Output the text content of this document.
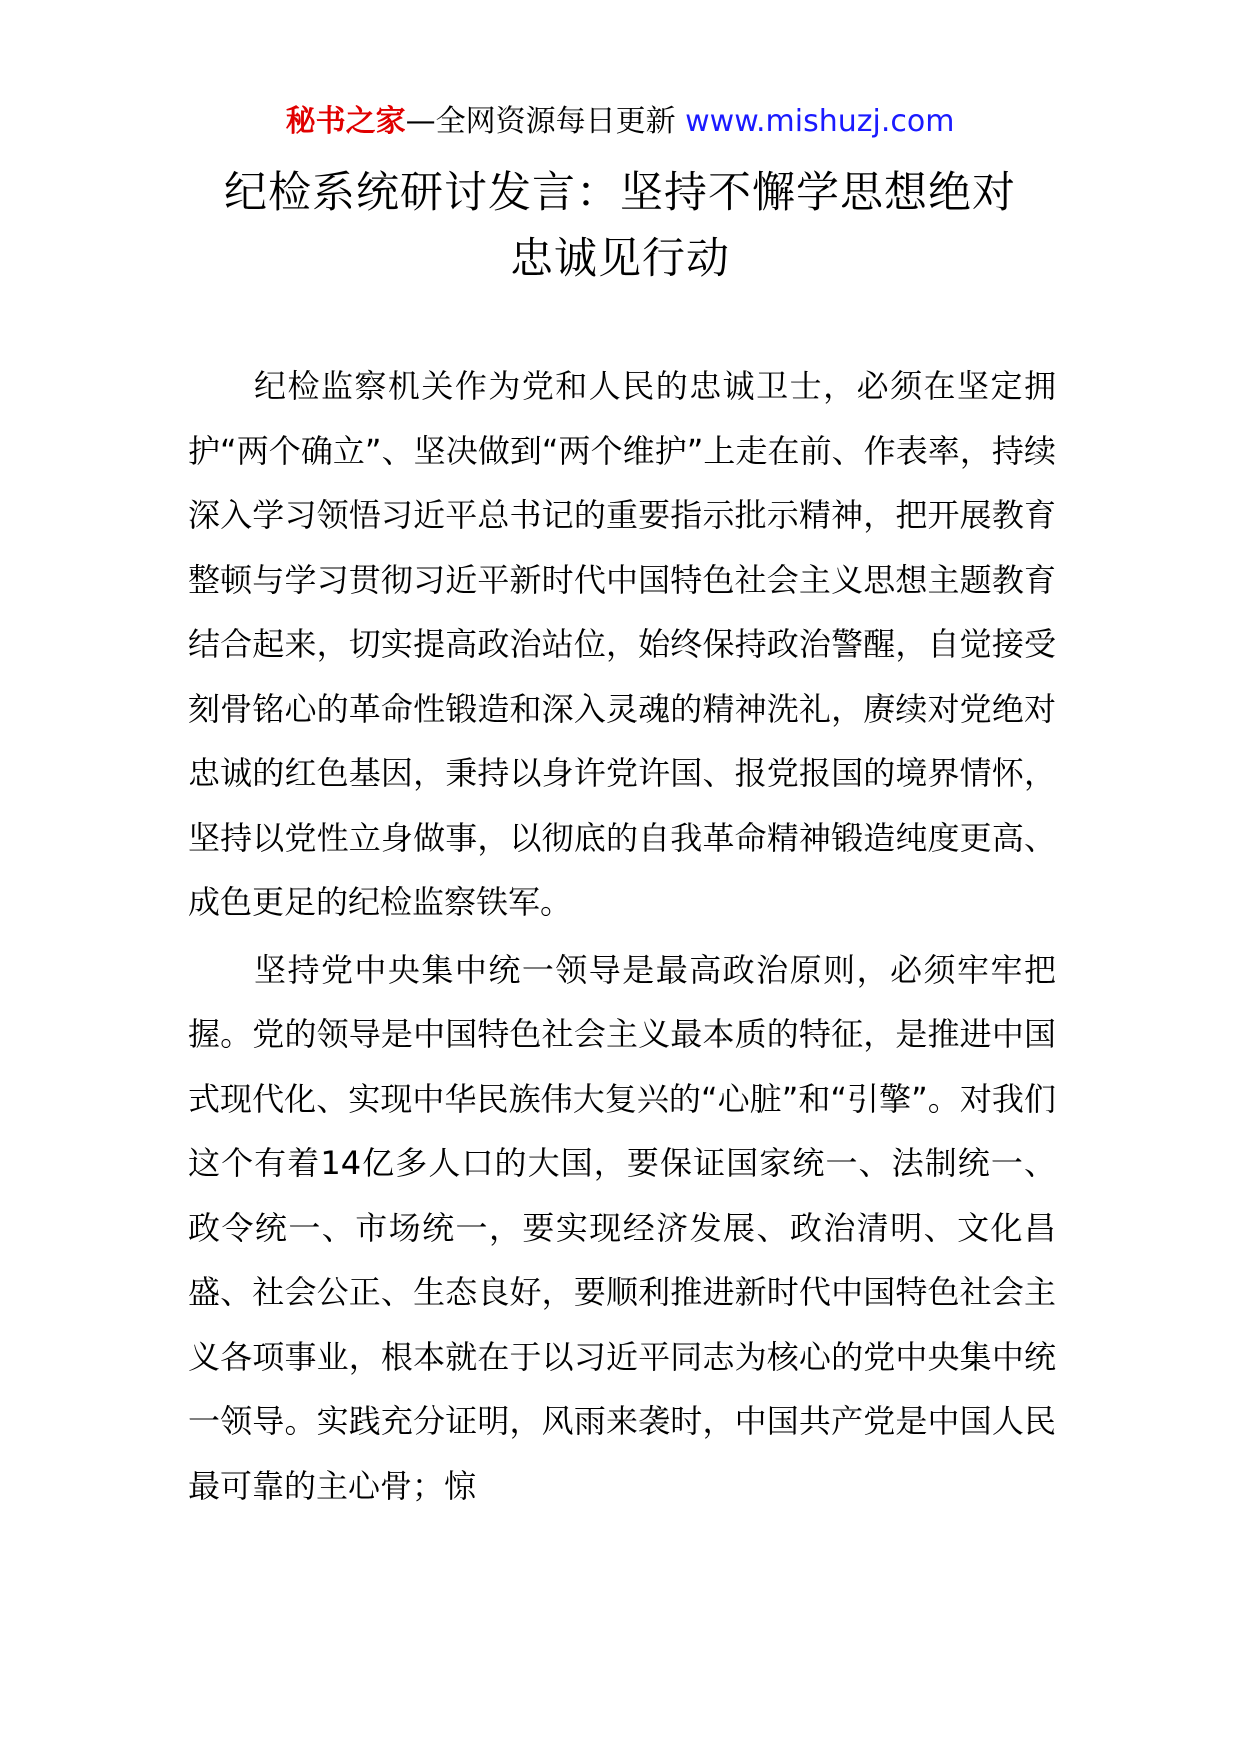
秘书之家—全网资源每日更新 www.mishuzj.com
纪检系统研讨发言：坚持不懈学思想绝对
忠诚见行动

纪检监察机关作为党和人民的忠诚卫士，必须在坚定拥护“两个确立”、坚决做到“两个维护”上走在前、作表率，持续深入学习领悟习近平总书记的重要指示批示精神，把开展教育整顿与学习贯彻习近平新时代中国特色社会主义思想主题教育结合起来，切实提高政治站位，始终保持政治警醒，自觉接受刻骨铭心的革命性锻造和深入灵魂的精神洗礼，赓续对党绝对忠诚的红色基因，秉持以身许党许国、报党报国的境界情怀，坚持以党性立身做事，以彻底的自我革命精神锻造纯度更高、成色更足的纪检监察铁军。

坚持党中央集中统一领导是最高政治原则，必须牢牢把握。党的领导是中国特色社会主义最本质的特征，是推进中国式现代化、实现中华民族伟大复兴的“心脏”和“引擎”。对我们这个有着14亿多人口的大国，要保证国家统一、法制统一、政令统一、市场统一，要实现经济发展、政治清明、文化昌盛、社会公正、生态良好，要顺利推进新时代中国特色社会主义各项事业，根本就在于以习近平同志为核心的党中央集中统一领导。实践充分证明，风雨来袭时，中国共产党是中国人民最可靠的主心骨；惊
